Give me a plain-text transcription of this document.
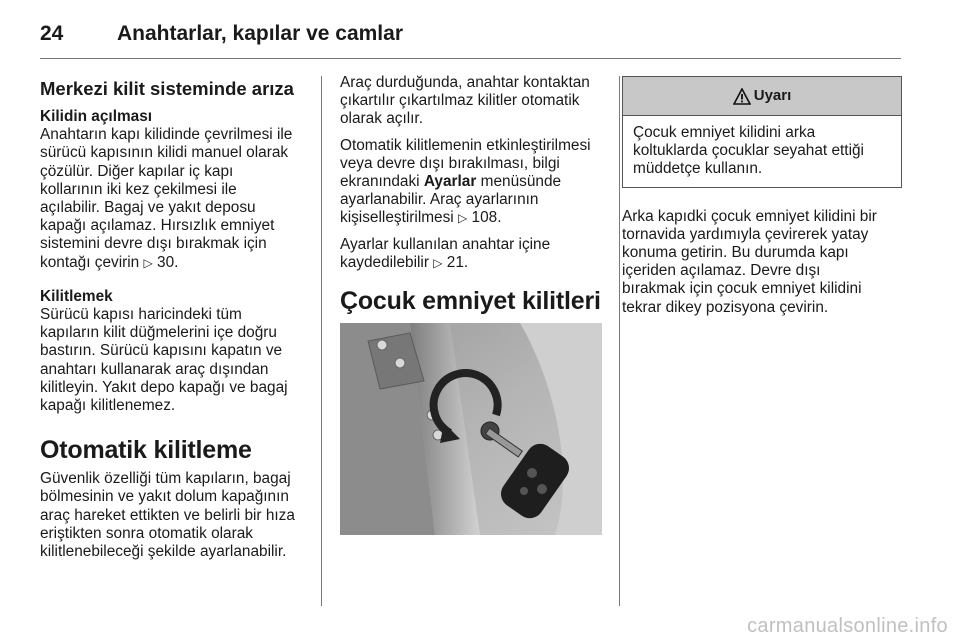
24	Anahtarlar, kapılar ve camlar
Merkezi kilit sisteminde arıza
Kilidin açılması

Anahtarın kapı kilidinde çevrilmesi ile
sürücü kapısının kilidi manuel olarak
çözülür. Diğer kapılar iç kapı
kollarının iki kez çekilmesi ile
açılabilir. Bagaj ve yakıt deposu
kapağı açılamaz. Hırsızlık emniyet
sistemini devre dışı bırakmak için
kontağı çevirin ▷ 30.

Kilitlemek

Sürücü kapısı haricindeki tüm
kapıların kilit düğmelerini içe doğru
bastırın. Sürücü kapısını kapatın ve
anahtarı kullanarak araç dışından
kilitleyin. Yakıt depo kapağı ve bagaj
kapağı kilitlenemez.

Otomatik kilitleme

Güvenlik özelliği tüm kapıların, bagaj
bölmesinin ve yakıt dolum kapağının
araç hareket ettikten ve belirli bir hıza
eriştikten sonra otomatik olarak
kilitlenebileceği şekilde ayarlanabilir.

Araç durduğunda, anahtar kontaktan
çıkartılır çıkartılmaz kilitler otomatik
olarak açılır.

Otomatik kilitlemenin etkinleştirilmesi
veya devre dışı bırakılması, bilgi
ekranındaki Ayarlar menüsünde
ayarlanabilir. Araç ayarlarının
kişiselleştirilmesi ▷ 108.

Ayarlar kullanılan anahtar içine
kaydedilebilir ▷ 21.

Çocuk emniyet kilitleri
Uyarı
Çocuk emniyet kilidini arka
koltuklarda çocuklar seyahat ettiği
müddetçe kullanın.

Arka kapıdki çocuk emniyet kilidini bir
tornavida yardımıyla çevirerek yatay
konuma getirin. Bu durumda kapı
içeriden açılamaz. Devre dışı
bırakmak için çocuk emniyet kilidini
tekrar dikey pozisyona çevirin.

carmanualsonline.info
